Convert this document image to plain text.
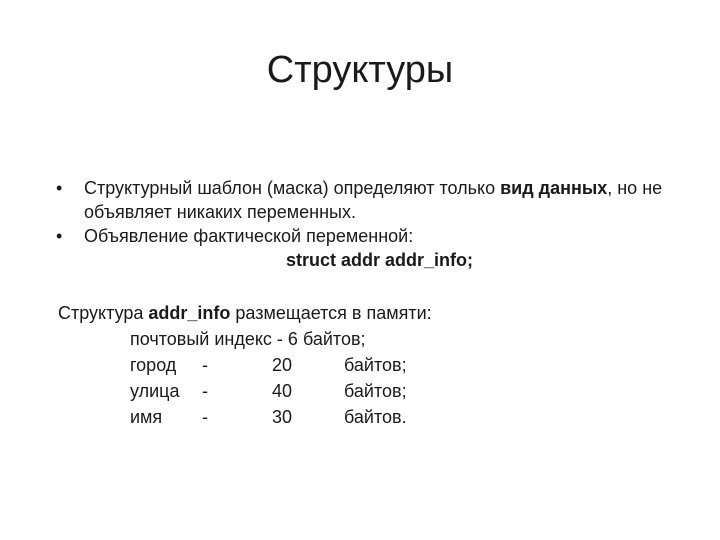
Структуры
• Структурный шаблон (маска) определяют только вид данных, но не объявляет никаких переменных.
• Объявление фактической переменной:
struct addr addr_info;
Структура addr_info размещается в памяти:
почтовый индекс - 6 байтов;			
город	-	20	байтов;
улица	-	40	байтов;
имя	-	30	байтов.
